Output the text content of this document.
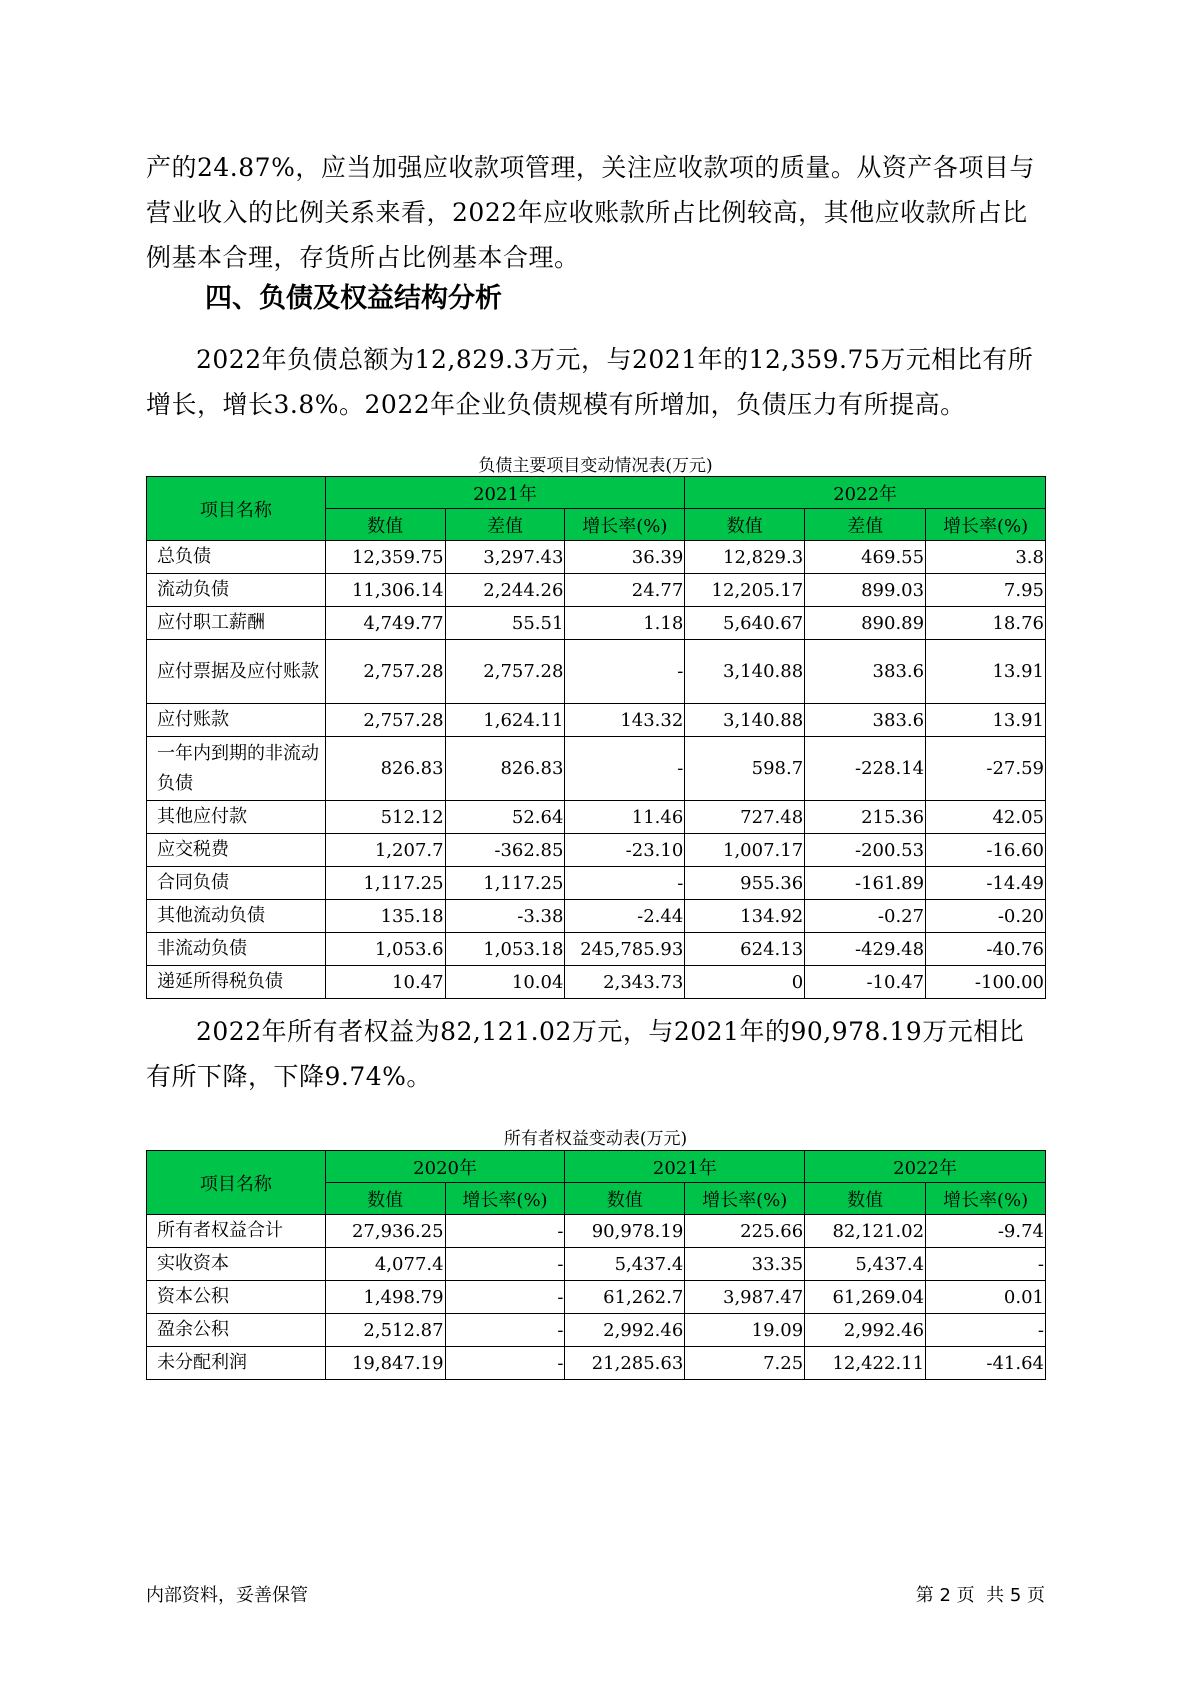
产的24.87%，应当加强应收款项管理，关注应收款项的质量。从资产各项目与营业收入的比例关系来看，2022年应收账款所占比例较高，其他应收款所占比例基本合理，存货所占比例基本合理。

四、负债及权益结构分析

2022年负债总额为12,829.3万元，与2021年的12,359.75万元相比有所增长，增长3.8%。2022年企业负债规模有所增加，负债压力有所提高。

负债主要项目变动情况表(万元)

项目名称	2021年			2022年		
	数值	差值	增长率(%)	数值	差值	增长率(%)
总负债	12,359.75	3,297.43	36.39	12,829.3	469.55	3.8
流动负债	11,306.14	2,244.26	24.77	12,205.17	899.03	7.95
应付职工薪酬	4,749.77	55.51	1.18	5,640.67	890.89	18.76
应付票据及应付账款	2,757.28	2,757.28	-	3,140.88	383.6	13.91
应付账款	2,757.28	1,624.11	143.32	3,140.88	383.6	13.91
一年内到期的非流动负债	826.83	826.83	-	598.7	-228.14	-27.59
其他应付款	512.12	52.64	11.46	727.48	215.36	42.05
应交税费	1,207.7	-362.85	-23.10	1,007.17	-200.53	-16.60
合同负债	1,117.25	1,117.25	-	955.36	-161.89	-14.49
其他流动负债	135.18	-3.38	-2.44	134.92	-0.27	-0.20
非流动负债	1,053.6	1,053.18	245,785.93	624.13	-429.48	-40.76
递延所得税负债	10.47	10.04	2,343.73	0	-10.47	-100.00

2022年所有者权益为82,121.02万元，与2021年的90,978.19万元相比有所下降，下降9.74%。

所有者权益变动表(万元)

项目名称	2020年		2021年		2022年	
	数值	增长率(%)	数值	增长率(%)	数值	增长率(%)
所有者权益合计	27,936.25	-	90,978.19	225.66	82,121.02	-9.74
实收资本	4,077.4	-	5,437.4	33.35	5,437.4	-
资本公积	1,498.79	-	61,262.7	3,987.47	61,269.04	0.01
盈余公积	2,512.87	-	2,992.46	19.09	2,992.46	-
未分配利润	19,847.19	-	21,285.63	7.25	12,422.11	-41.64

内部资料，妥善保管	第 2 页  共 5 页
